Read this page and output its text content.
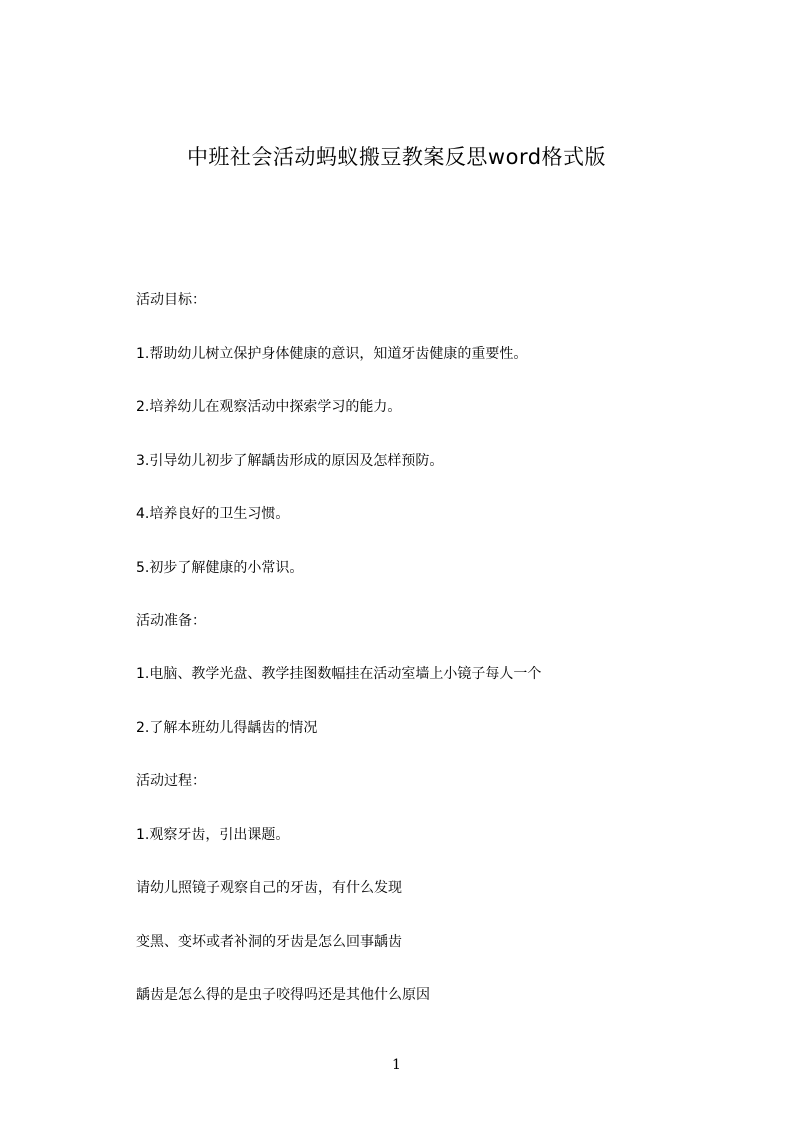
中班社会活动蚂蚁搬豆教案反思word格式版
活动目标：
1.帮助幼儿树立保护身体健康的意识，知道牙齿健康的重要性。
2.培养幼儿在观察活动中探索学习的能力。
3.引导幼儿初步了解龋齿形成的原因及怎样预防。
4.培养良好的卫生习惯。
5.初步了解健康的小常识。
活动准备：
1.电脑、教学光盘、教学挂图数幅挂在活动室墙上小镜子每人一个
2.了解本班幼儿得龋齿的情况
活动过程：
1.观察牙齿，引出课题。
请幼儿照镜子观察自己的牙齿，有什么发现
变黑、变坏或者补洞的牙齿是怎么回事龋齿
龋齿是怎么得的是虫子咬得吗还是其他什么原因
1
